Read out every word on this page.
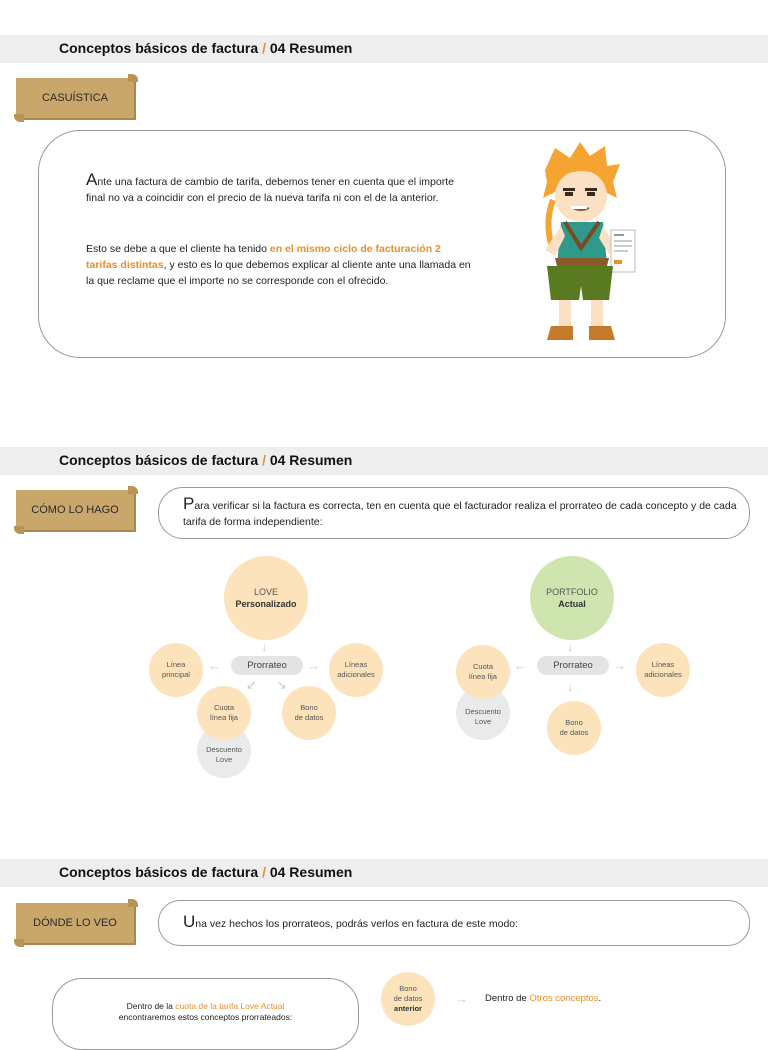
Conceptos básicos de factura / 04 Resumen
CASUÍSTICA
Ante una factura de cambio de tarifa, debemos tener en cuenta que el importe final no va a coincidir con el precio de la nueva tarifa ni con el de la anterior.
Esto se debe a que el cliente ha tenido en el mismo ciclo de facturación 2 tarifas distintas, y esto es lo que debemos explicar al cliente ante una llamada en la que reclame que el importe no se corresponde con el ofrecido.
Conceptos básicos de factura / 04 Resumen
CÓMO LO HAGO	Para verificar si la factura es correcta, ten en cuenta que el facturador realiza el prorrateo de cada concepto y de cada tarifa de forma independiente:
LOVE
Personalizado
↓
Prorrateo
←	→
↙ ↘
Línea
principal
Líneas
adicionales
Descuento
Love
Cuota
línea fija
Bono
de datos
PORTFOLIO
Actual
↓
Prorrateo
←	→
↓
Descuento
Love
Cuota
línea fija
Líneas
adicionales
Bono
de datos
Conceptos básicos de factura / 04 Resumen
DÓNDE LO VEO	Una vez hechos los prorrateos, podrás verlos en factura de este modo:
Dentro de la cuota de la tarifa Love Actual
encontraremos estos conceptos prorrateados:
Bono
de datos
anterior
→ Dentro de Otros conceptos.
